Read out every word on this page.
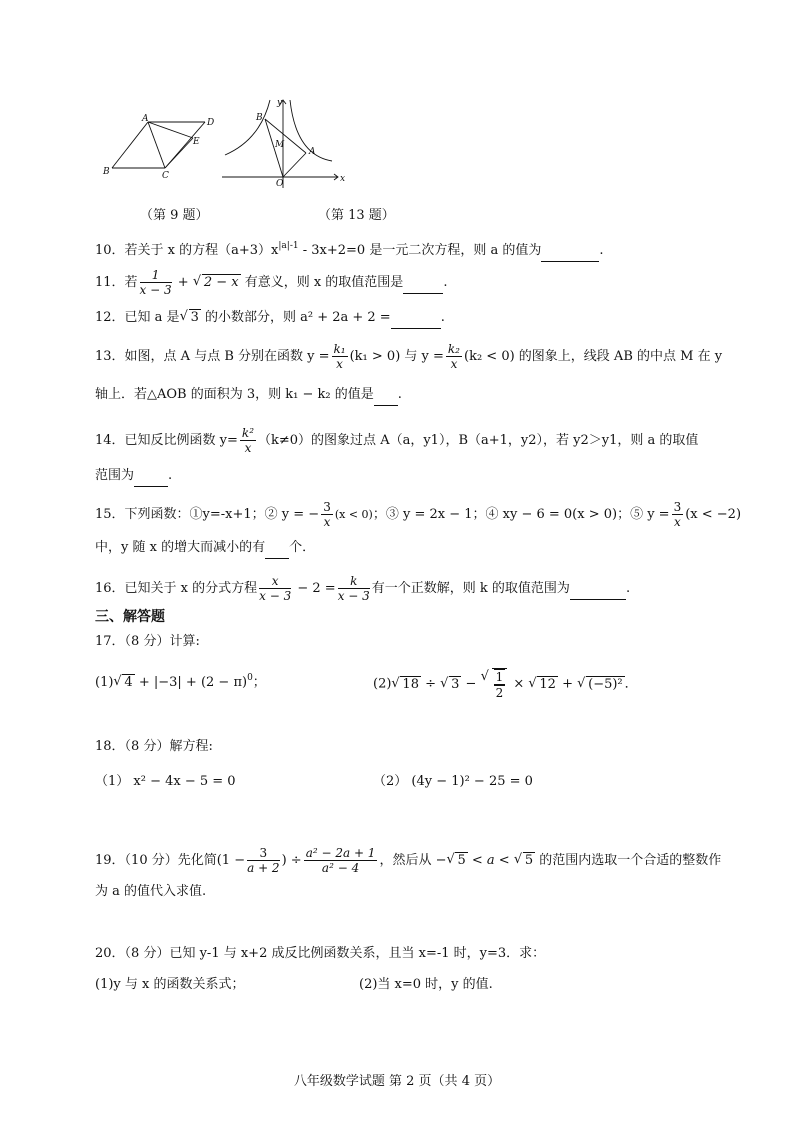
A	D
E
B	C
y
x
O
B
M
A
（第 9 题）	（第 13 题）
10．若关于 x 的方程$(a+3)x^{|a|-1} - 3x+2=0$ 是一元二次方程，则 a 的值为	.
11．若 $\frac{1}{x - 3}$ + √ 2 − x 有意义，则 x 的取值范围是	.
12．已知 a 是 √ 3 的小数部分，则 a² + 2a + 2 =	.
13．如图，点 A 与点 B 分别在函数 $y = \frac{\text{k₁}}{x} (k_1 > 0)$ 与 $y = \frac{\text{k₂}}{x} (k_2 < 0)$ 的图象上，线段 AB 的中点 M 在 y
轴上．若△AOB 的面积为 3，则 k₁ − k₂ 的值是 .
14．已知反比例函数 $y= \frac{\text{k²}}{x} (k\ne 0)$的图象过点 A（a，y1），B（a+1，y2），若 y2＞y1，则 a 的取值
范围为	.
15．下列函数：①y=-x+1；② y = − $\frac{3}{x} (x < 0)$；③ y = 2x − 1；④ xy − 6 = 0(x > 0)；⑤ $y = \frac{3}{x} (x < -2)$
中，y 随 x 的增大而减小的有 个．
16．已知关于 x 的分式方程 $\frac{x}{x - 3} - 2 = \frac{k}{x - 3}$ 有一个正数解，则 k 的取值范围为	.
三、解答题
17．（8 分）计算:
(1) √ $4 + |-3| + (2 - \pi)^0$；	(2) √ 18 ÷ √ 3 − √ $\frac{1}{2}$ × √ 12 + √ (−5)² ．
18．（8 分）解方程:
（1） x² − 4x − 5 = 0	（2） (4y − 1)² − 25 = 0
19．（10 分）先化简($1 - \frac{3}{a + 2}$ ) ÷ $\frac{\text{a² − 2a + 1}}{\text{a² − 4}}$ ，然后从 − √ 5 < a < √ 5 的范围内选取一个合适的整数作
为 a 的值代入求值.
20．（8 分）已知 y-1 与 x+2 成反比例函数关系，且当 x=-1 时，y=3．求：
(1)y 与 x 的函数关系式；	(2)当 x=0 时，y 的值.
八年级数学试题 第 2 页（共 4 页）
